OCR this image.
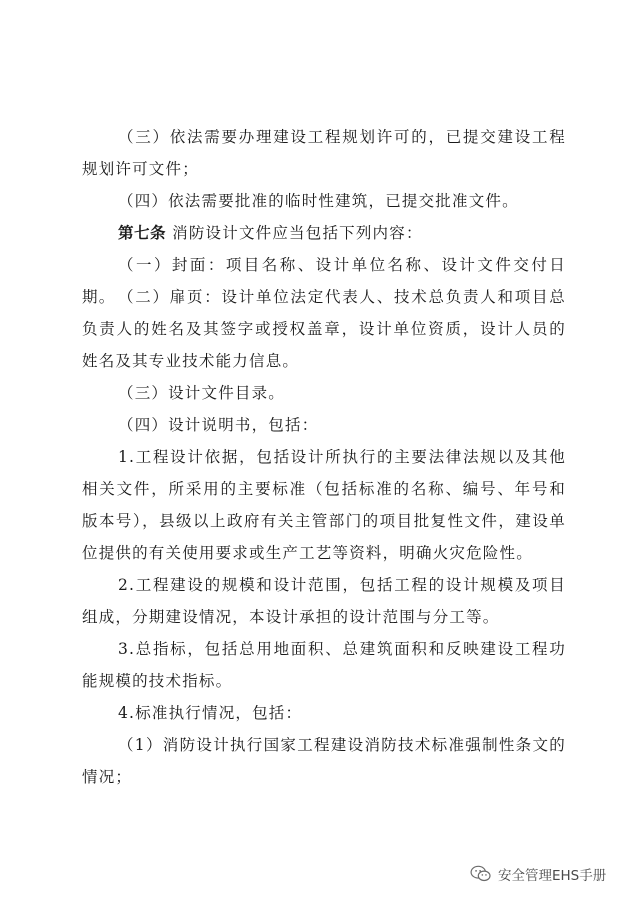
（三）依法需要办理建设工程规划许可的，已提交建设工程规划许可文件；

（四）依法需要批准的临时性建筑，已提交批准文件。

第七条 消防设计文件应当包括下列内容：

（一）封面：项目名称、设计单位名称、设计文件交付日期。 （二）扉页：设计单位法定代表人、技术总负责人和项目总负责人的姓名及其签字或授权盖章，设计单位资质，设计人员的姓名及其专业技术能力信息。

（三）设计文件目录。

（四）设计说明书，包括：

1.工程设计依据，包括设计所执行的主要法律法规以及其他相关文件，所采用的主要标准（包括标准的名称、编号、年号和版本号），县级以上政府有关主管部门的项目批复性文件，建设单位提供的有关使用要求或生产工艺等资料，明确火灾危险性。

2.工程建设的规模和设计范围，包括工程的设计规模及项目组成，分期建设情况，本设计承担的设计范围与分工等。

3.总指标，包括总用地面积、总建筑面积和反映建设工程功能规模的技术指标。

4.标准执行情况，包括：

（1）消防设计执行国家工程建设消防技术标准强制性条文的情况；

安全管理EHS手册
